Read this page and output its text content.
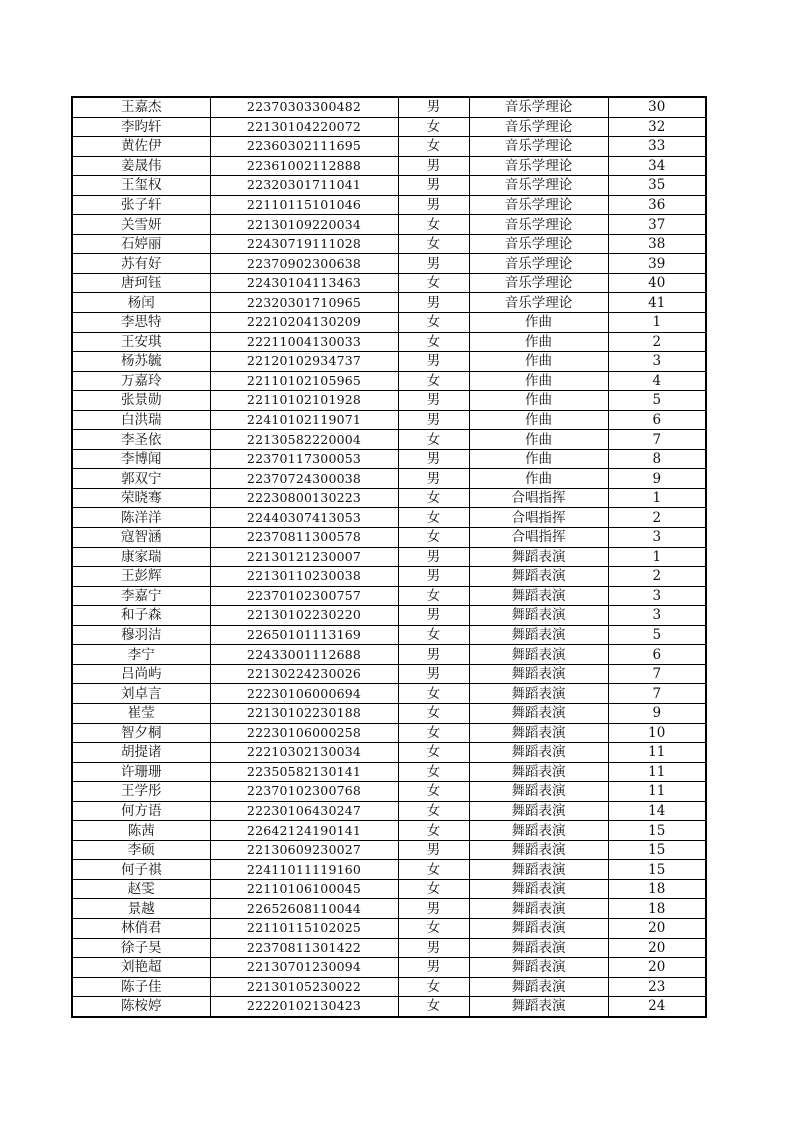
王嘉杰	22370303300482	男	音乐学理论	30
李昀轩	22130104220072	女	音乐学理论	32
黄佐伊	22360302111695	女	音乐学理论	33
姜晟伟	22361002112888	男	音乐学理论	34
王玺权	22320301711041	男	音乐学理论	35
张子轩	22110115101046	男	音乐学理论	36
关雪妍	22130109220034	女	音乐学理论	37
石婷丽	22430719111028	女	音乐学理论	38
苏有好	22370902300638	男	音乐学理论	39
唐珂钰	22430104113463	女	音乐学理论	40
杨闰	22320301710965	男	音乐学理论	41
李思特	22210204130209	女	作曲	1
王安琪	22211004130033	女	作曲	2
杨苏毓	22120102934737	男	作曲	3
万嘉玲	22110102105965	女	作曲	4
张景勋	22110102101928	男	作曲	5
白洪瑞	22410102119071	男	作曲	6
李圣依	22130582220004	女	作曲	7
李博闻	22370117300053	男	作曲	8
郭双宁	22370724300038	男	作曲	9
荣晓骞	22230800130223	女	合唱指挥	1
陈洋洋	22440307413053	女	合唱指挥	2
寇智涵	22370811300578	女	合唱指挥	3
康家瑞	22130121230007	男	舞蹈表演	1
王彭辉	22130110230038	男	舞蹈表演	2
李嘉宁	22370102300757	女	舞蹈表演	3
和子森	22130102230220	男	舞蹈表演	3
穆羽洁	22650101113169	女	舞蹈表演	5
李宁	22433001112688	男	舞蹈表演	6
吕尚屿	22130224230026	男	舞蹈表演	7
刘卓言	22230106000694	女	舞蹈表演	7
崔莹	22130102230188	女	舞蹈表演	9
智夕桐	22230106000258	女	舞蹈表演	10
胡提诸	22210302130034	女	舞蹈表演	11
许珊珊	22350582130141	女	舞蹈表演	11
王学彤	22370102300768	女	舞蹈表演	11
何方语	22230106430247	女	舞蹈表演	14
陈茜	22642124190141	女	舞蹈表演	15
李硕	22130609230027	男	舞蹈表演	15
何子祺	22411011119160	女	舞蹈表演	15
赵雯	22110106100045	女	舞蹈表演	18
景越	22652608110044	男	舞蹈表演	18
林俏君	22110115102025	女	舞蹈表演	20
徐子昊	22370811301422	男	舞蹈表演	20
刘艳超	22130701230094	男	舞蹈表演	20
陈子佳	22130105230022	女	舞蹈表演	23
陈桉婷	22220102130423	女	舞蹈表演	24
